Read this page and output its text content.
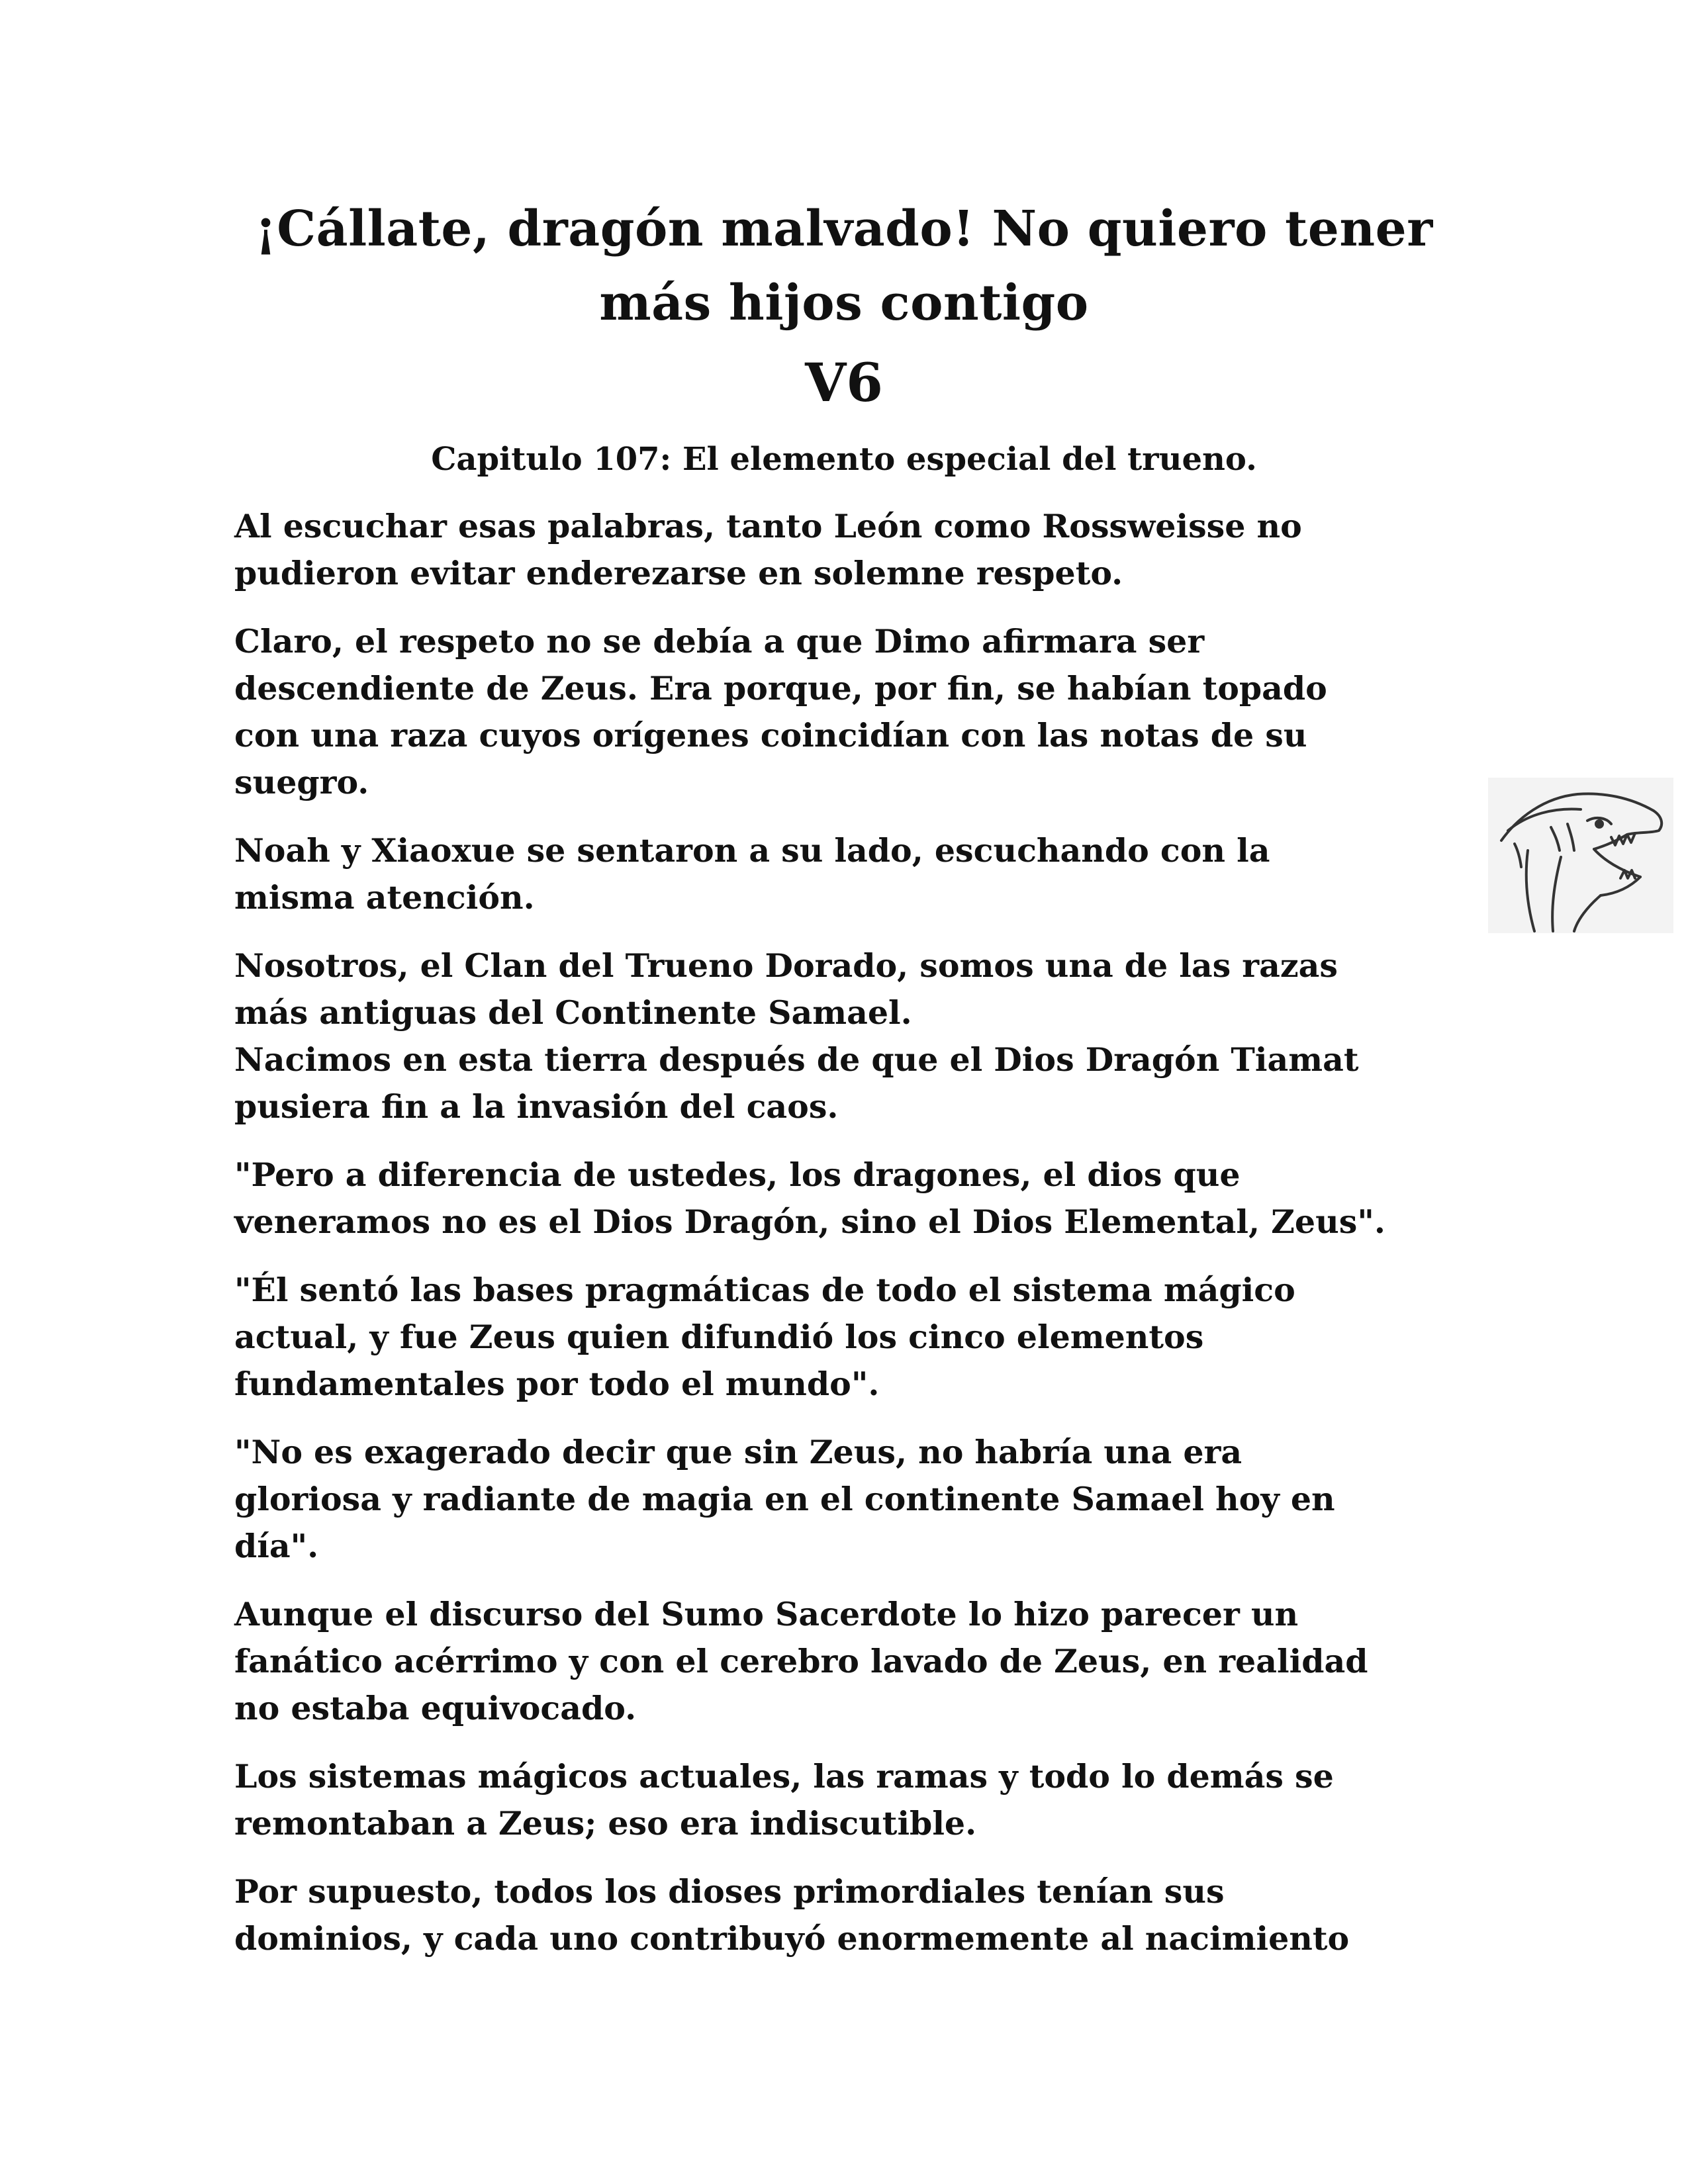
¡Cállate, dragón malvado! No quiero tener
más hijos contigo
V6
Capitulo 107: El elemento especial del trueno.

Al escuchar esas palabras, tanto León como Rossweisse no
pudieron evitar enderezarse en solemne respeto.

Claro, el respeto no se debía a que Dimo afirmara ser
descendiente de Zeus. Era porque, por fin, se habían topado
con una raza cuyos orígenes coincidían con las notas de su
suegro.

Noah y Xiaoxue se sentaron a su lado, escuchando con la
misma atención.

Nosotros, el Clan del Trueno Dorado, somos una de las razas
más antiguas del Continente Samael.
Nacimos en esta tierra después de que el Dios Dragón Tiamat
pusiera fin a la invasión del caos.

"Pero a diferencia de ustedes, los dragones, el dios que
veneramos no es el Dios Dragón, sino el Dios Elemental, Zeus".

"Él sentó las bases pragmáticas de todo el sistema mágico
actual, y fue Zeus quien difundió los cinco elementos
fundamentales por todo el mundo".

"No es exagerado decir que sin Zeus, no habría una era
gloriosa y radiante de magia en el continente Samael hoy en
día".

Aunque el discurso del Sumo Sacerdote lo hizo parecer un
fanático acérrimo y con el cerebro lavado de Zeus, en realidad
no estaba equivocado.

Los sistemas mágicos actuales, las ramas y todo lo demás se
remontaban a Zeus; eso era indiscutible.

Por supuesto, todos los dioses primordiales tenían sus
dominios, y cada uno contribuyó enormemente al nacimiento
